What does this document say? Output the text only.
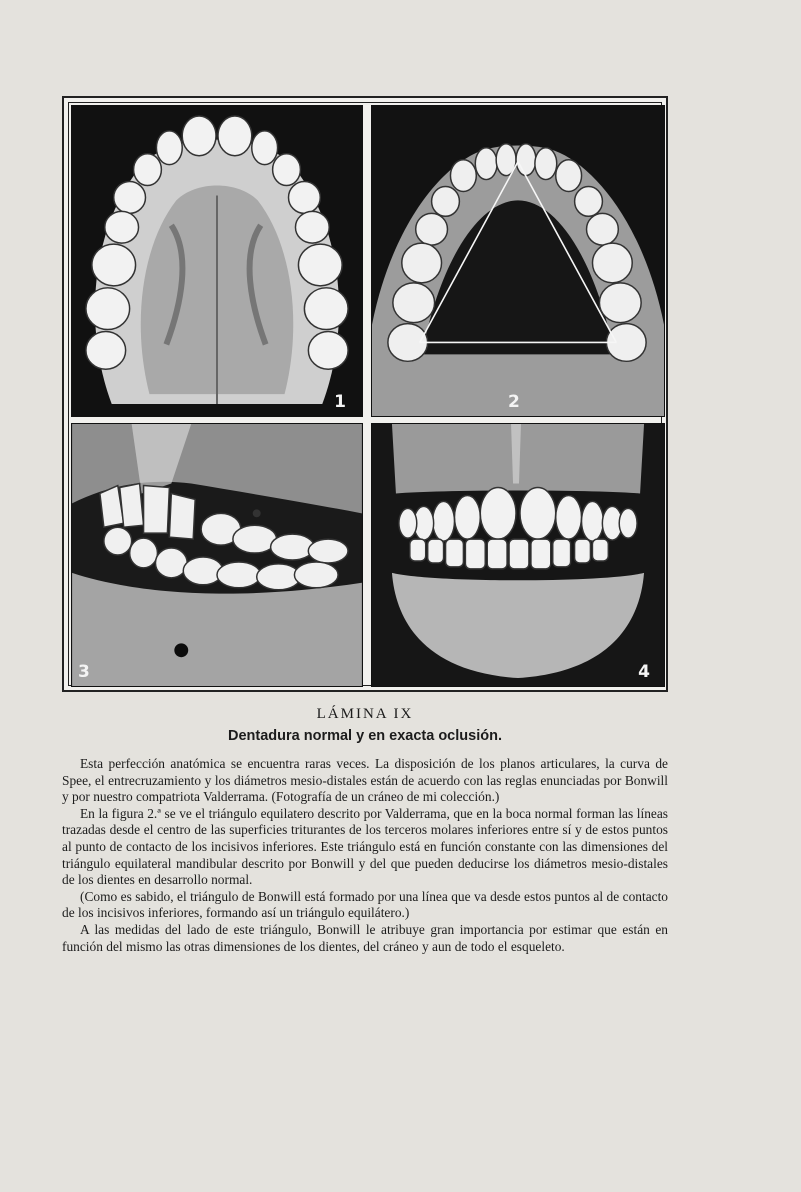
1	2
3	4

LÁMINA IX

Dentadura normal y en exacta oclusión.

Esta perfección anatómica se encuentra raras veces. La disposición de los planos articulares, la curva de Spee, el entrecruzamiento y los diámetros mesio-distales están de acuerdo con las reglas enunciadas por Bonwill y por nuestro compatriota Valderrama. (Fotografía de un cráneo de mi colección.)

En la figura 2.ª se ve el triángulo equilatero descrito por Valderrama, que en la boca normal forman las líneas trazadas desde el centro de las superficies triturantes de los terceros molares inferiores entre sí y de estos puntos al punto de contacto de los incisivos inferiores. Este triángulo está en función constante con las dimensiones del triángulo equilateral mandibular descrito por Bonwill y del que pueden deducirse los diámetros mesio-distales de los dientes en desarrollo normal.

(Como es sabido, el triángulo de Bonwill está formado por una línea que va desde estos puntos al de contacto de los incisivos inferiores, formando así un triángulo equilátero.)

A las medidas del lado de este triángulo, Bonwill le atribuye gran importancia por estimar que están en función del mismo las otras dimensiones de los dientes, del cráneo y aun de todo el esqueleto.
